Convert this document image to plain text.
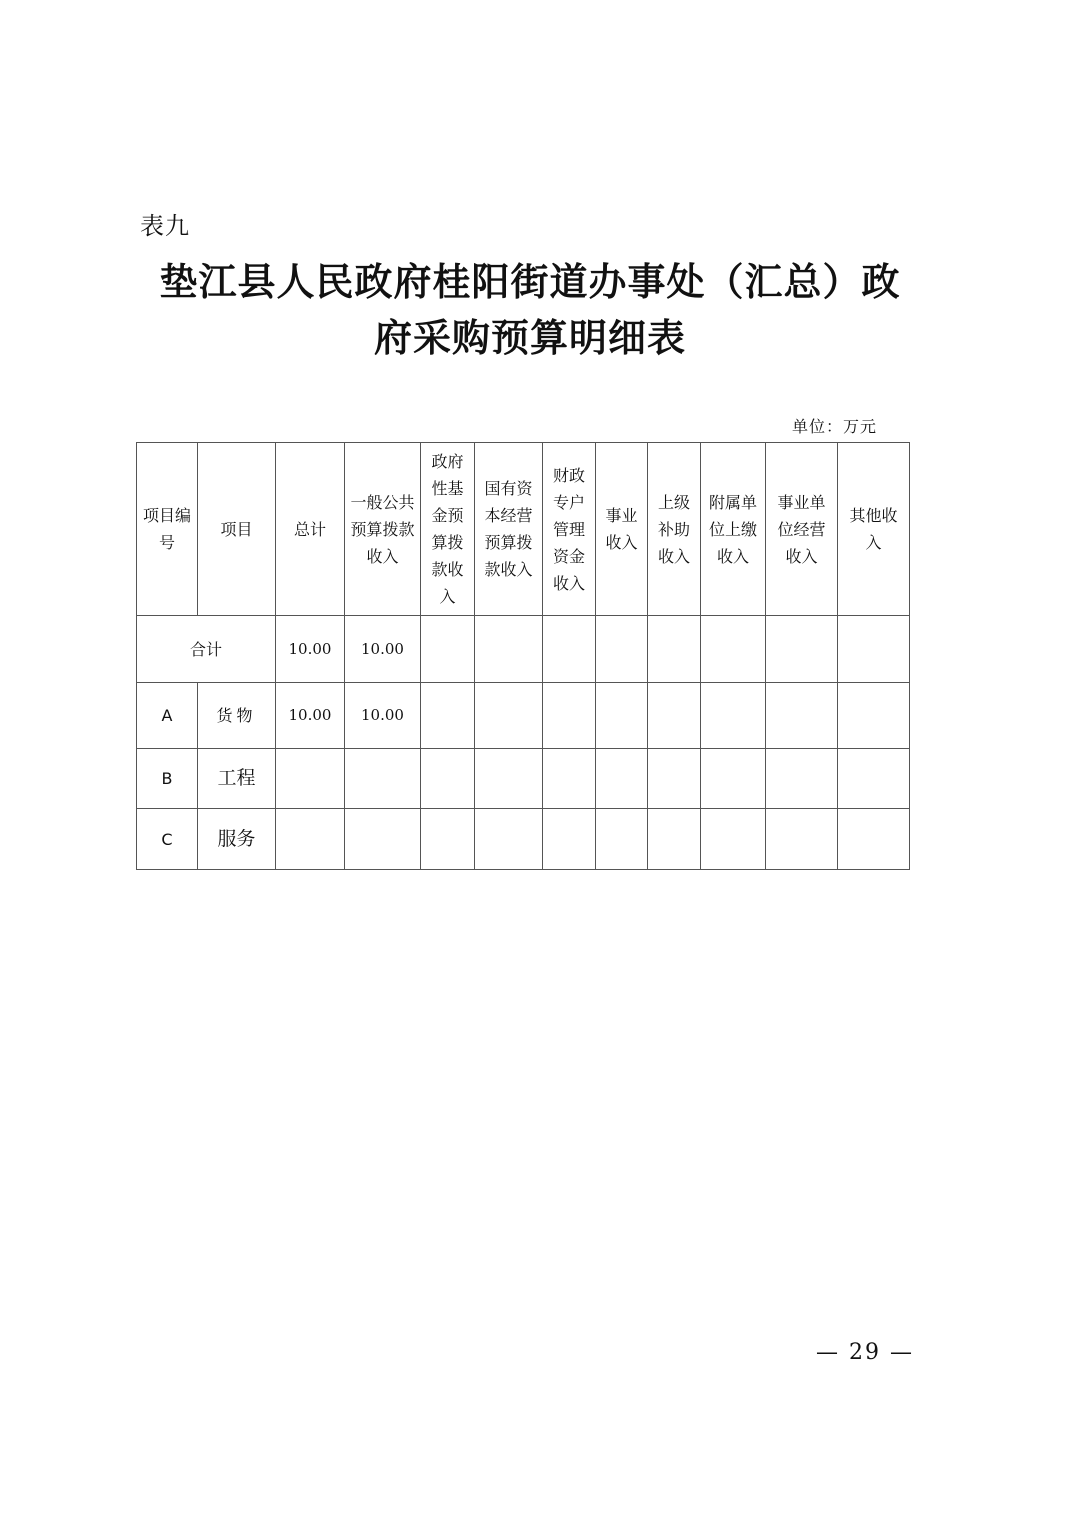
表九
垫江县人民政府桂阳街道办事处（汇总）政
府采购预算明细表
单位：万元
项目编号	项目	总计	一般公共预算拨款收入	政府性基金预算拨款收入	国有资本经营预算拨款收入	财政专户管理资金收入	事业收入	上级补助收入	附属单位上缴收入	事业单位经营收入	其他收入
合计		10.00	10.00								
A	货物	10.00	10.00								
B	工程										
C	服务										
— 29 —
